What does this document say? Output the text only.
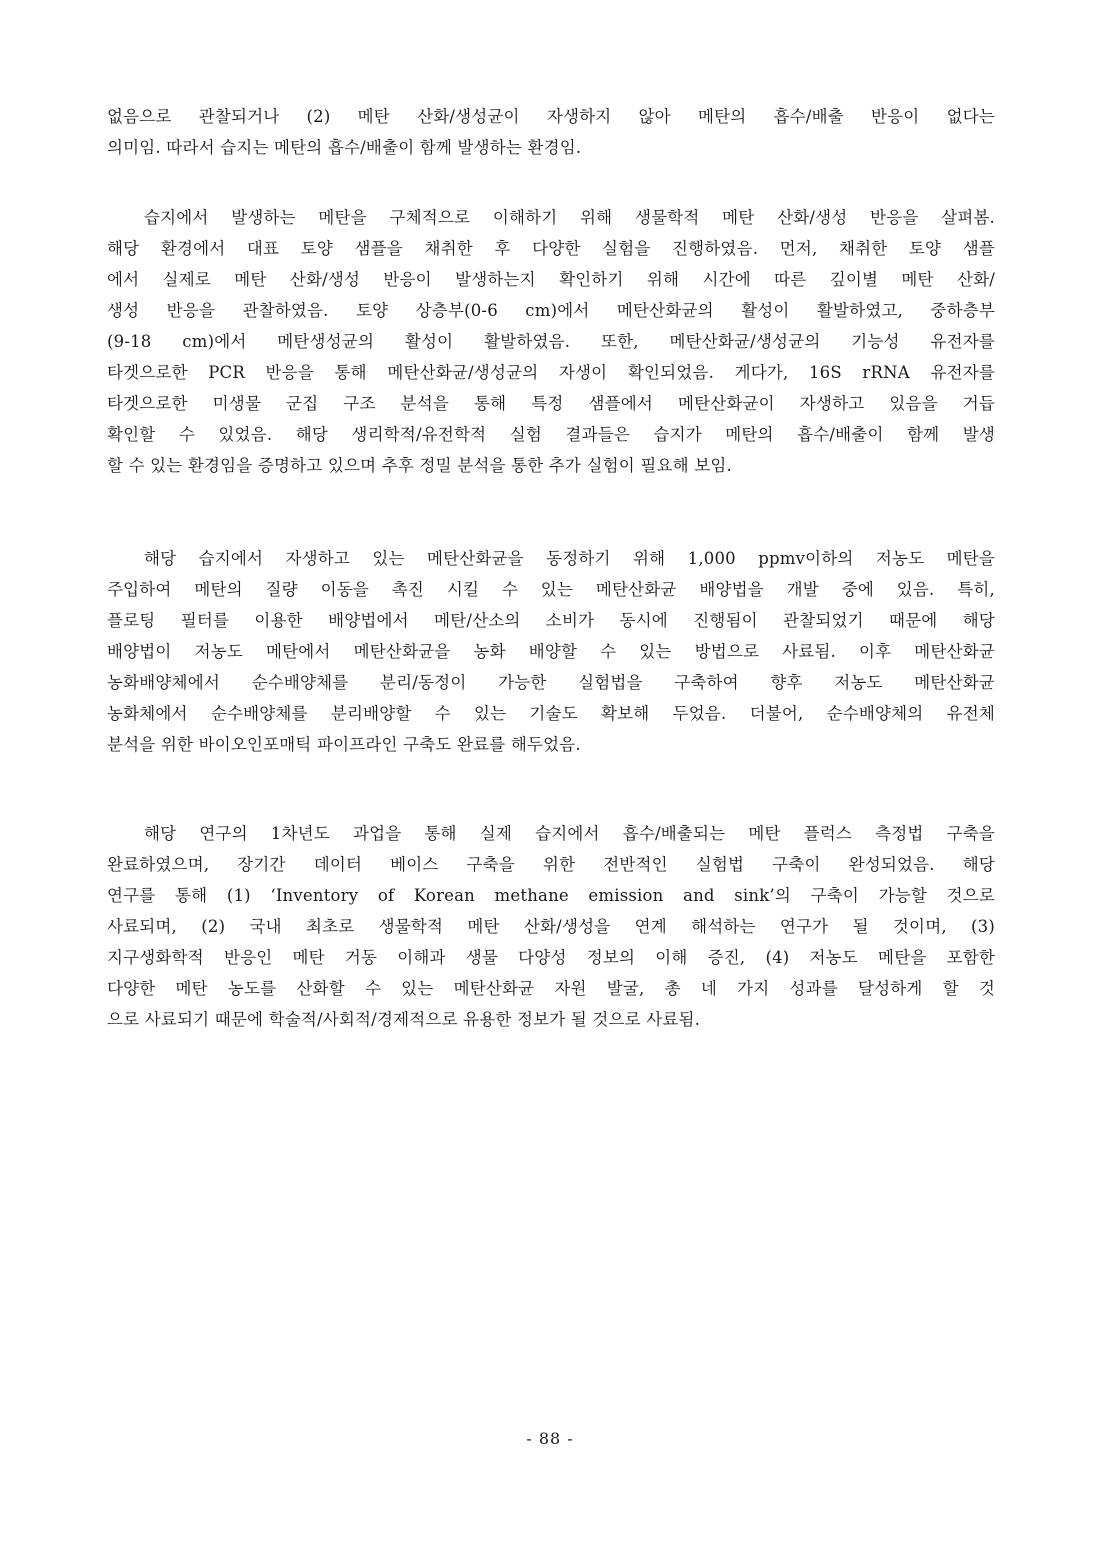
없음으로 관찰되거나 (2) 메탄 산화/생성균이 자생하지 않아 메탄의 흡수/배출 반응이 없다는
의미임. 따라서 습지는 메탄의 흡수/배출이 함께 발생하는 환경임.
습지에서 발생하는 메탄을 구체적으로 이해하기 위해 생물학적 메탄 산화/생성 반응을 살펴봄.
해당 환경에서 대표 토양 샘플을 채취한 후 다양한 실험을 진행하였음. 먼저, 채취한 토양 샘플
에서 실제로 메탄 산화/생성 반응이 발생하는지 확인하기 위해 시간에 따른 깊이별 메탄 산화/
생성 반응을 관찰하였음. 토양 상층부(0-6 cm)에서 메탄산화균의 활성이 활발하였고, 중하층부
(9-18 cm)에서 메탄생성균의 활성이 활발하였음. 또한, 메탄산화균/생성균의 기능성 유전자를
타겟으로한 PCR 반응을 통해 메탄산화균/생성균의 자생이 확인되었음. 게다가, 16S rRNA 유전자를
타겟으로한 미생물 군집 구조 분석을 통해 특정 샘플에서 메탄산화균이 자생하고 있음을 거듭
확인할 수 있었음. 해당 생리학적/유전학적 실험 결과들은 습지가 메탄의 흡수/배출이 함께 발생
할 수 있는 환경임을 증명하고 있으며 추후 정밀 분석을 통한 추가 실험이 필요해 보임.
해당 습지에서 자생하고 있는 메탄산화균을 동정하기 위해 1,000 ppmv이하의 저농도 메탄을
주입하여 메탄의 질량 이동을 촉진 시킬 수 있는 메탄산화균 배양법을 개발 중에 있음. 특히,
플로팅 필터를 이용한 배양법에서 메탄/산소의 소비가 동시에 진행됨이 관찰되었기 때문에 해당
배양법이 저농도 메탄에서 메탄산화균을 농화 배양할 수 있는 방법으로 사료됨. 이후 메탄산화균
농화배양체에서 순수배양체를 분리/동정이 가능한 실험법을 구축하여 향후 저농도 메탄산화균
농화체에서 순수배양체를 분리배양할 수 있는 기술도 확보해 두었음. 더불어, 순수배양체의 유전체
분석을 위한 바이오인포매틱 파이프라인 구축도 완료를 해두었음.
해당 연구의 1차년도 과업을 통해 실제 습지에서 흡수/배출되는 메탄 플럭스 측정법 구축을
완료하였으며, 장기간 데이터 베이스 구축을 위한 전반적인 실험법 구축이 완성되었음. 해당
연구를 통해 (1) ‘Inventory of Korean methane emission and sink’의 구축이 가능할 것으로
사료되며, (2) 국내 최초로 생물학적 메탄 산화/생성을 연계 해석하는 연구가 될 것이며, (3)
지구생화학적 반응인 메탄 거동 이해과 생물 다양성 정보의 이해 증진, (4) 저농도 메탄을 포함한
다양한 메탄 농도를 산화할 수 있는 메탄산화균 자원 발굴, 총 네 가지 성과를 달성하게 할 것
으로 사료되기 때문에 학술적/사회적/경제적으로 유용한 정보가 될 것으로 사료됨.
- 88 -
